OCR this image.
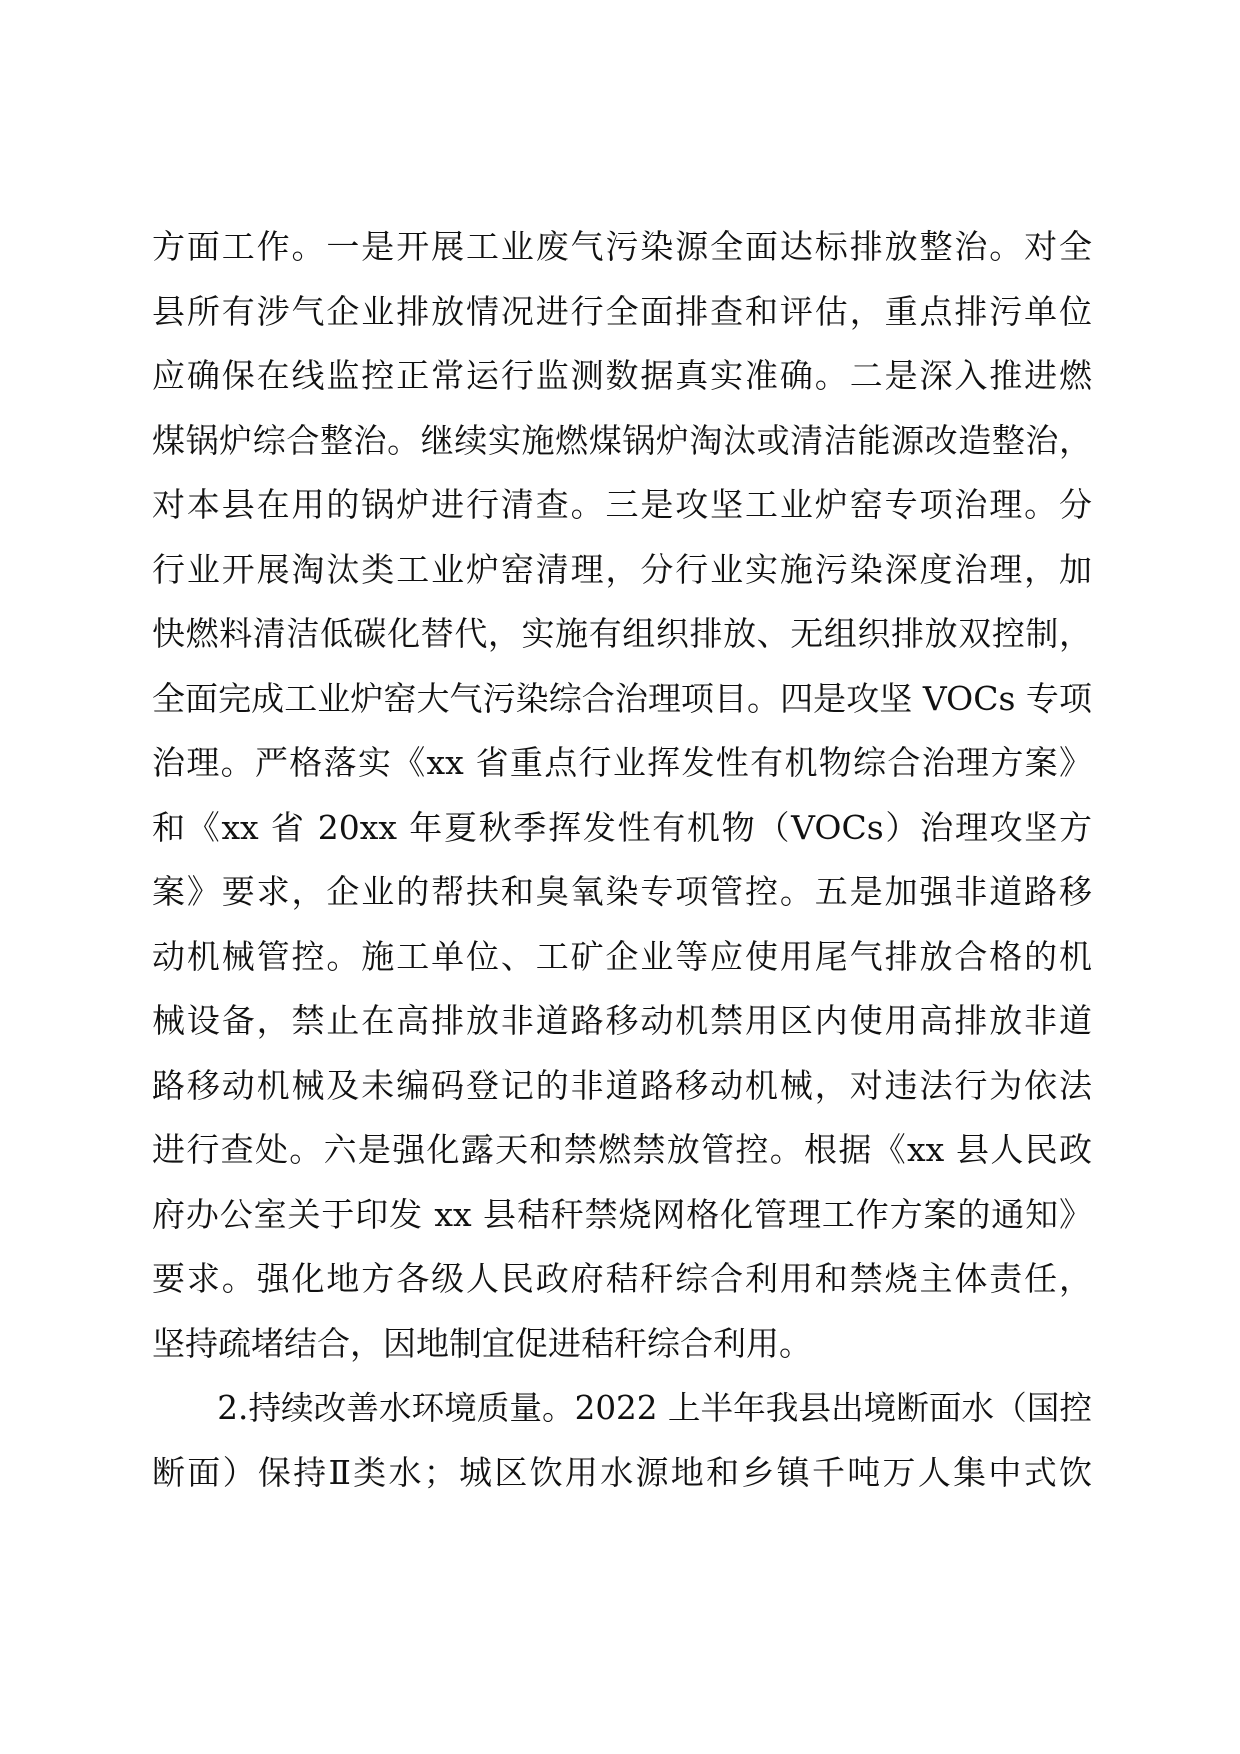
方面工作。一是开展工业废气污染源全面达标排放整治。对全
县所有涉气企业排放情况进行全面排查和评估，重点排污单位
应确保在线监控正常运行监测数据真实准确。二是深入推进燃
煤锅炉综合整治。继续实施燃煤锅炉淘汰或清洁能源改造整治，
对本县在用的锅炉进行清查。三是攻坚工业炉窑专项治理。分
行业开展淘汰类工业炉窑清理，分行业实施污染深度治理，加
快燃料清洁低碳化替代，实施有组织排放、无组织排放双控制，
全面完成工业炉窑大气污染综合治理项目。四是攻坚 VOCs 专项
治理。严格落实《xx 省重点行业挥发性有机物综合治理方案》
和《xx 省 20xx 年夏秋季挥发性有机物（VOCs）治理攻坚方
案》要求，企业的帮扶和臭氧染专项管控。五是加强非道路移
动机械管控。施工单位、工矿企业等应使用尾气排放合格的机
械设备，禁止在高排放非道路移动机禁用区内使用高排放非道
路移动机械及未编码登记的非道路移动机械，对违法行为依法
进行查处。六是强化露天和禁燃禁放管控。根据《xx 县人民政
府办公室关于印发 xx 县秸秆禁烧网格化管理工作方案的通知》
要求。强化地方各级人民政府秸秆综合利用和禁烧主体责任，
坚持疏堵结合，因地制宜促进秸秆综合利用。
　　2.持续改善水环境质量。2022 上半年我县出境断面水（国控
断面）保持Ⅱ类水；城区饮用水源地和乡镇千吨万人集中式饮
